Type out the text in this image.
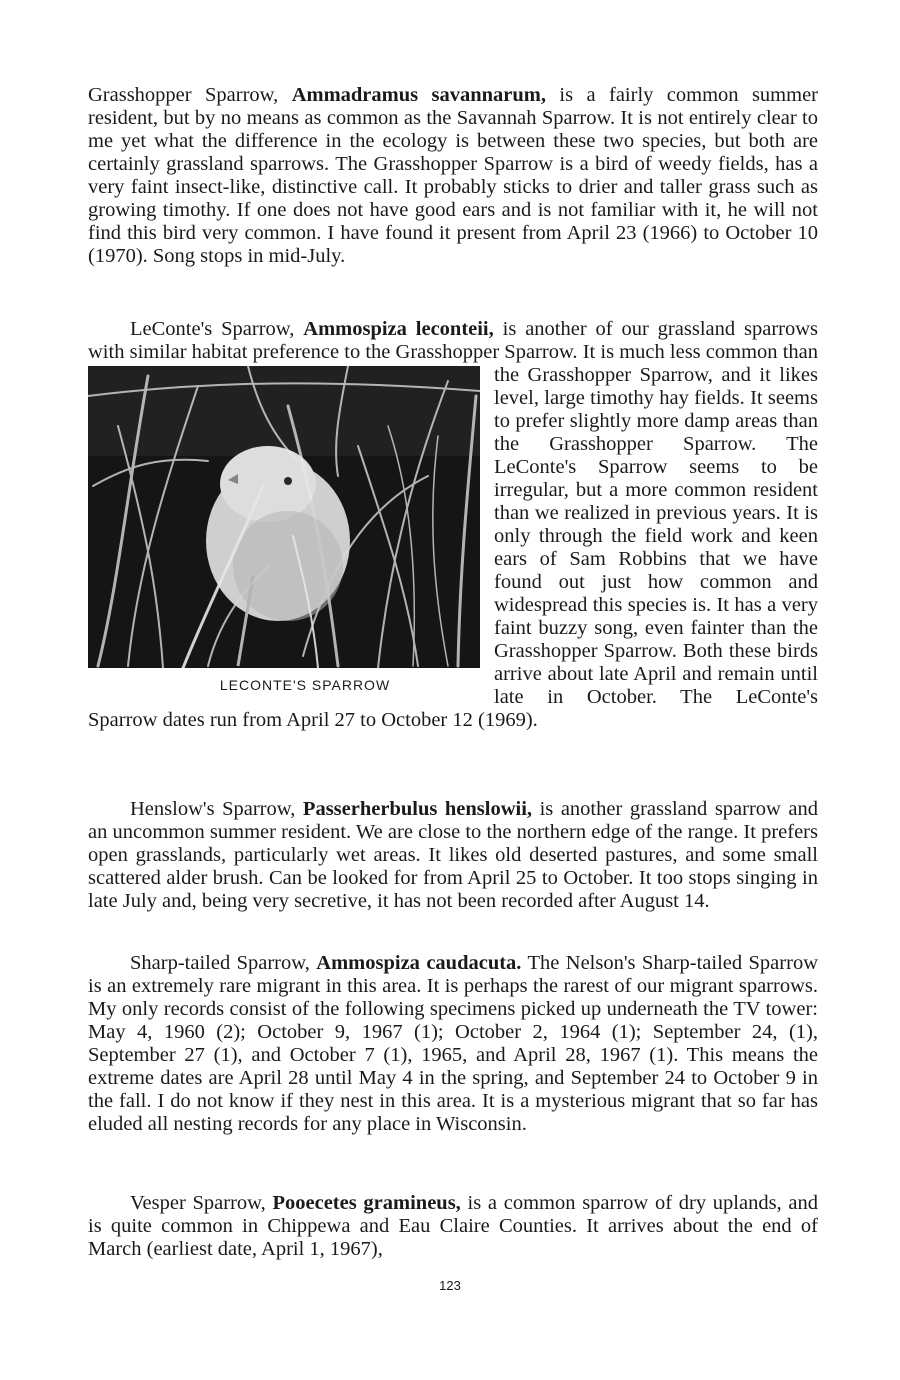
Grasshopper Sparrow, Ammadramus savannarum, is a fairly common summer resident, but by no means as common as the Savannah Sparrow. It is not entirely clear to me yet what the difference in the ecology is between these two species, but both are certainly grassland sparrows. The Grasshopper Sparrow is a bird of weedy fields, has a very faint insect-like, distinctive call. It probably sticks to drier and taller grass such as growing timothy. If one does not have good ears and is not familiar with it, he will not find this bird very common. I have found it present from April 23 (1966) to October 10 (1970). Song stops in mid-July.

LeConte's Sparrow, Ammospiza leconteii, is another of our grassland sparrows with similar habitat preference to the Grasshopper Sparrow. It is much less common than the Grasshopper Sparrow, and it
LECONTE'S SPARROW
likes level, large timothy hay fields. It seems to prefer slightly more damp areas than the Grasshopper Sparrow. The LeConte's Sparrow seems to be irregular, but a more common resident than we realized in previous years. It is only through the field work and keen ears of Sam Robbins that we have found out just how common and widespread this species is. It has a very faint buzzy song, even fainter than the Grasshopper Sparrow. Both these birds arrive about late April and remain until late in October. The LeConte's Sparrow dates run from April 27 to October 12 (1969).

Henslow's Sparrow, Passerherbulus henslowii, is another grassland sparrow and an uncommon summer resident. We are close to the northern edge of the range. It prefers open grasslands, particularly wet areas. It likes old deserted pastures, and some small scattered alder brush. Can be looked for from April 25 to October. It too stops singing in late July and, being very secretive, it has not been recorded after August 14.

Sharp-tailed Sparrow, Ammospiza caudacuta. The Nelson's Sharp-tailed Sparrow is an extremely rare migrant in this area. It is perhaps the rarest of our migrant sparrows. My only records consist of the following specimens picked up underneath the TV tower: May 4, 1960 (2); October 9, 1967 (1); October 2, 1964 (1); September 24, (1), September 27 (1), and October 7 (1), 1965, and April 28, 1967 (1). This means the extreme dates are April 28 until May 4 in the spring, and September 24 to October 9 in the fall. I do not know if they nest in this area. It is a mysterious migrant that so far has eluded all nesting records for any place in Wisconsin.

Vesper Sparrow, Pooecetes gramineus, is a common sparrow of dry uplands, and is quite common in Chippewa and Eau Claire Counties. It arrives about the end of March (earliest date, April 1, 1967),

123
